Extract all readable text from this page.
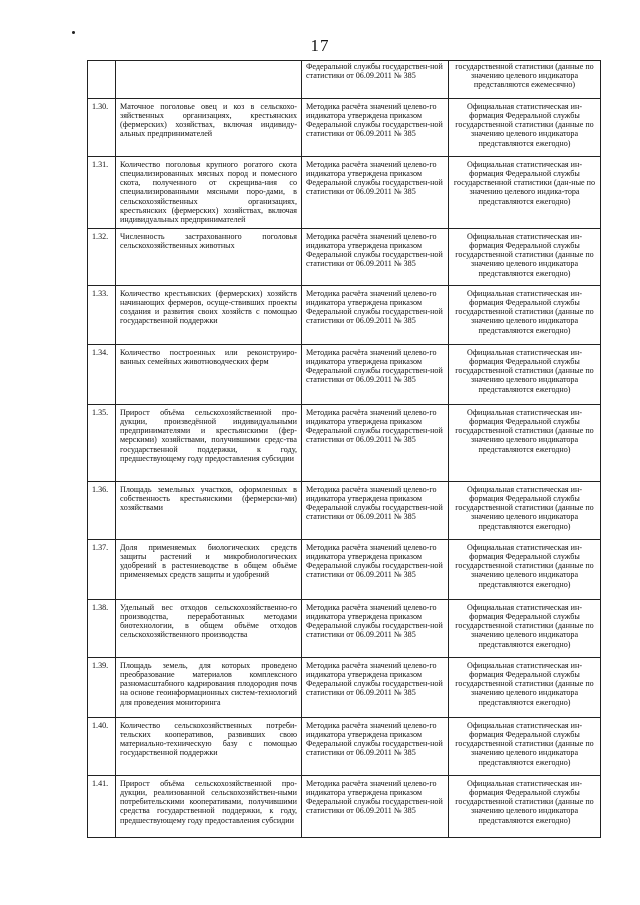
17
		Федеральной службы государствен-ной статистики от 06.09.2011 № 385	государственной статистики (данные по значению целевого индикатора представляются ежемесячно)
1.30.	Маточное поголовье овец и коз в сельскохо-зяйственных организациях, крестьянских (фермерских) хозяйствах, включая индивиду-альных предпринимателей	Методика расчёта значений целево-го индикатора утверждена приказом Федеральной службы государствен-ной статистики от 06.09.2011 № 385	Официальная статистическая ин-формация Федеральной службы государственной статистики (данные по значению целевого индикатора представляются ежегодно)
1.31.	Количество поголовья крупного рогатого скота специализированных мясных пород и помесного скота, полученного от скрещива-ния со специализированными мясными поро-дами, в сельскохозяйственных организациях, крестьянских (фермерских) хозяйствах, включая индивидуальных предпринимателей	Методика расчёта значений целево-го индикатора утверждена приказом Федеральной службы государствен-ной статистики от 06.09.2011 № 385	Официальная статистическая ин-формация Федеральной службы государственной статистики (дан-ные по значению целевого индика-тора представляются ежегодно)
1.32.	Численность застрахованного поголовья сельскохозяйственных животных	Методика расчёта значений целево-го индикатора утверждена приказом Федеральной службы государствен-ной статистики от 06.09.2011 № 385	Официальная статистическая ин-формация Федеральной службы государственной статистики (данные по значению целевого индикатора представляются ежегодно)
1.33.	Количество крестьянских (фермерских) хозяйств начинающих фермеров, осуще-ствивших проекты создания и развития своих хозяйств с помощью государственной поддержки	Методика расчёта значений целево-го индикатора утверждена приказом Федеральной службы государствен-ной статистики от 06.09.2011 № 385	Официальная статистическая ин-формация Федеральной службы государственной статистики (данные по значению целевого индикатора представляются ежегодно)
1.34.	Количество построенных или реконструиро-ванных семейных животноводческих ферм	Методика расчёта значений целево-го индикатора утверждена приказом Федеральной службы государствен-ной статистики от 06.09.2011 № 385	Официальная статистическая ин-формация Федеральной службы государственной статистики (данные по значению целевого индикатора представляются ежегодно)
1.35.	Прирост объёма сельскохозяйственной про-дукции, произведённой индивидуальными предпринимателями и крестьянскими (фер-мерскими) хозяйствами, получившими средс-тва государственной поддержки, к году, предшествующему году предоставления субсидии	Методика расчёта значений целево-го индикатора утверждена приказом Федеральной службы государствен-ной статистики от 06.09.2011 № 385	Официальная статистическая ин-формация Федеральной службы государственной статистики (данные по значению целевого индикатора представляются ежегодно)
1.36.	Площадь земельных участков, оформленных в собственность крестьянскими (фермерски-ми) хозяйствами	Методика расчёта значений целево-го индикатора утверждена приказом Федеральной службы государствен-ной статистики от 06.09.2011 № 385	Официальная статистическая ин-формация Федеральной службы государственной статистики (данные по значению целевого индикатора представляются ежегодно)
1.37.	Доля применяемых биологических средств защиты растений и микробиологических удобрений в растениеводстве в общем объёме применяемых средств защиты и удобрений	Методика расчёта значений целево-го индикатора утверждена приказом Федеральной службы государствен-ной статистики от 06.09.2011 № 385	Официальная статистическая ин-формация Федеральной службы государственной статистики (данные по значению целевого индикатора представляются ежегодно)
1.38.	Удельный вес отходов сельскохозяйственно-го производства, переработанных методами биотехнологии, в общем объёме отходов сельскохозяйственного производства	Методика расчёта значений целево-го индикатора утверждена приказом Федеральной службы государствен-ной статистики от 06.09.2011 № 385	Официальная статистическая ин-формация Федеральной службы государственной статистики (данные по значению целевого индикатора представляются ежегодно)
1.39.	Площадь земель, для которых проведено преобразование материалов комплексного разномасштабного кадрирования плодородия почв на основе геоинформационных систем-технологий для проведения мониторинга	Методика расчёта значений целево-го индикатора утверждена приказом Федеральной службы государствен-ной статистики от 06.09.2011 № 385	Официальная статистическая ин-формация Федеральной службы государственной статистики (данные по значению целевого индикатора представляются ежегодно)
1.40.	Количество сельскохозяйственных потреби-тельских кооперативов, развивших свою материально-техническую базу с помощью государственной поддержки	Методика расчёта значений целево-го индикатора утверждена приказом Федеральной службы государствен-ной статистики от 06.09.2011 № 385	Официальная статистическая ин-формация Федеральной службы государственной статистики (данные по значению целевого индикатора представляются ежегодно)
1.41.	Прирост объёма сельскохозяйственной про-дукции, реализованной сельскохозяйствен-ными потребительскими кооперативами, получившими средства государственной поддержки, к году, предшествующему году предоставления субсидии	Методика расчёта значений целево-го индикатора утверждена приказом Федеральной службы государствен-ной статистики от 06.09.2011 № 385	Официальная статистическая ин-формация Федеральной службы государственной статистики (данные по значению целевого индикатора представляются ежегодно)
